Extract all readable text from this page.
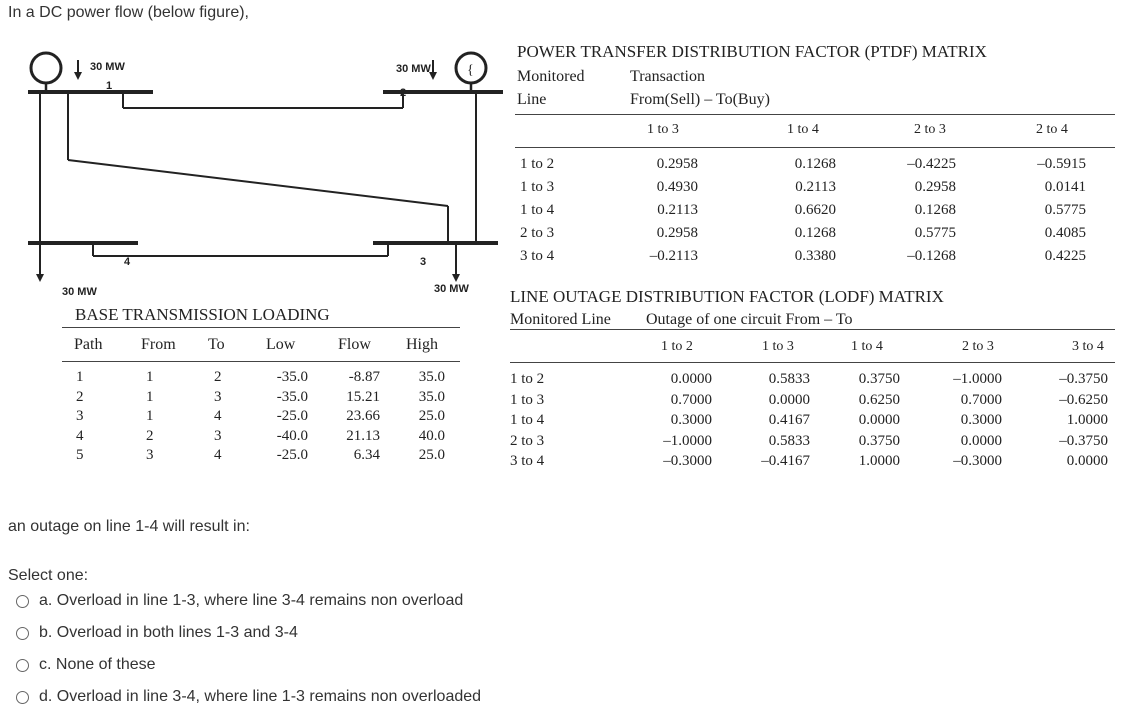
In a DC power flow (below figure),
{
30 MW
1
30 MW
2
4	3
30 MW	30 MW
BASE TRANSMISSION LOADING
Path From To	Low	Flow High
1	1	2	-35.0	-8.87	35.0
2	1	3	-35.0	15.21	35.0
3	1	4	-25.0	23.66	25.0
4	2	3	-40.0	21.13	40.0
5	3	4	-25.0	6.34	25.0
POWER TRANSFER DISTRIBUTION FACTOR (PTDF) MATRIX
Monitored
Line
Transaction
From(Sell) – To(Buy)
1 to 3	1 to 4	2 to 3	2 to 4
1 to 2	0.2958	0.1268	–0.4225	–0.5915
1 to 3	0.4930	0.2113	0.2958	0.0141
1 to 4	0.2113	0.6620	0.1268	0.5775
2 to 3	0.2958	0.1268	0.5775	0.4085
3 to 4	–0.2113	0.3380	–0.1268	0.4225
LINE OUTAGE DISTRIBUTION FACTOR (LODF) MATRIX
Monitored Line Outage of one circuit From – To
1 to 2	1 to 3	1 to 4	2 to 3	3 to 4
1 to 2	0.0000	0.5833	0.3750	–1.0000	–0.3750
1 to 3	0.7000	0.0000	0.6250	0.7000	–0.6250
1 to 4	0.3000	0.4167	0.0000	0.3000	1.0000
2 to 3	–1.0000	0.5833	0.3750	0.0000	–0.3750
3 to 4	–0.3000	–0.4167	1.0000	–0.3000	0.0000
an outage on line 1-4 will result in:
Select one:
a.
Overload in line 1-3, where line 3-4 remains non overload
b.
Overload in both lines 1-3 and 3-4
c.
None of these
d.
Overload in line 3-4, where line 1-3 remains non overloaded
